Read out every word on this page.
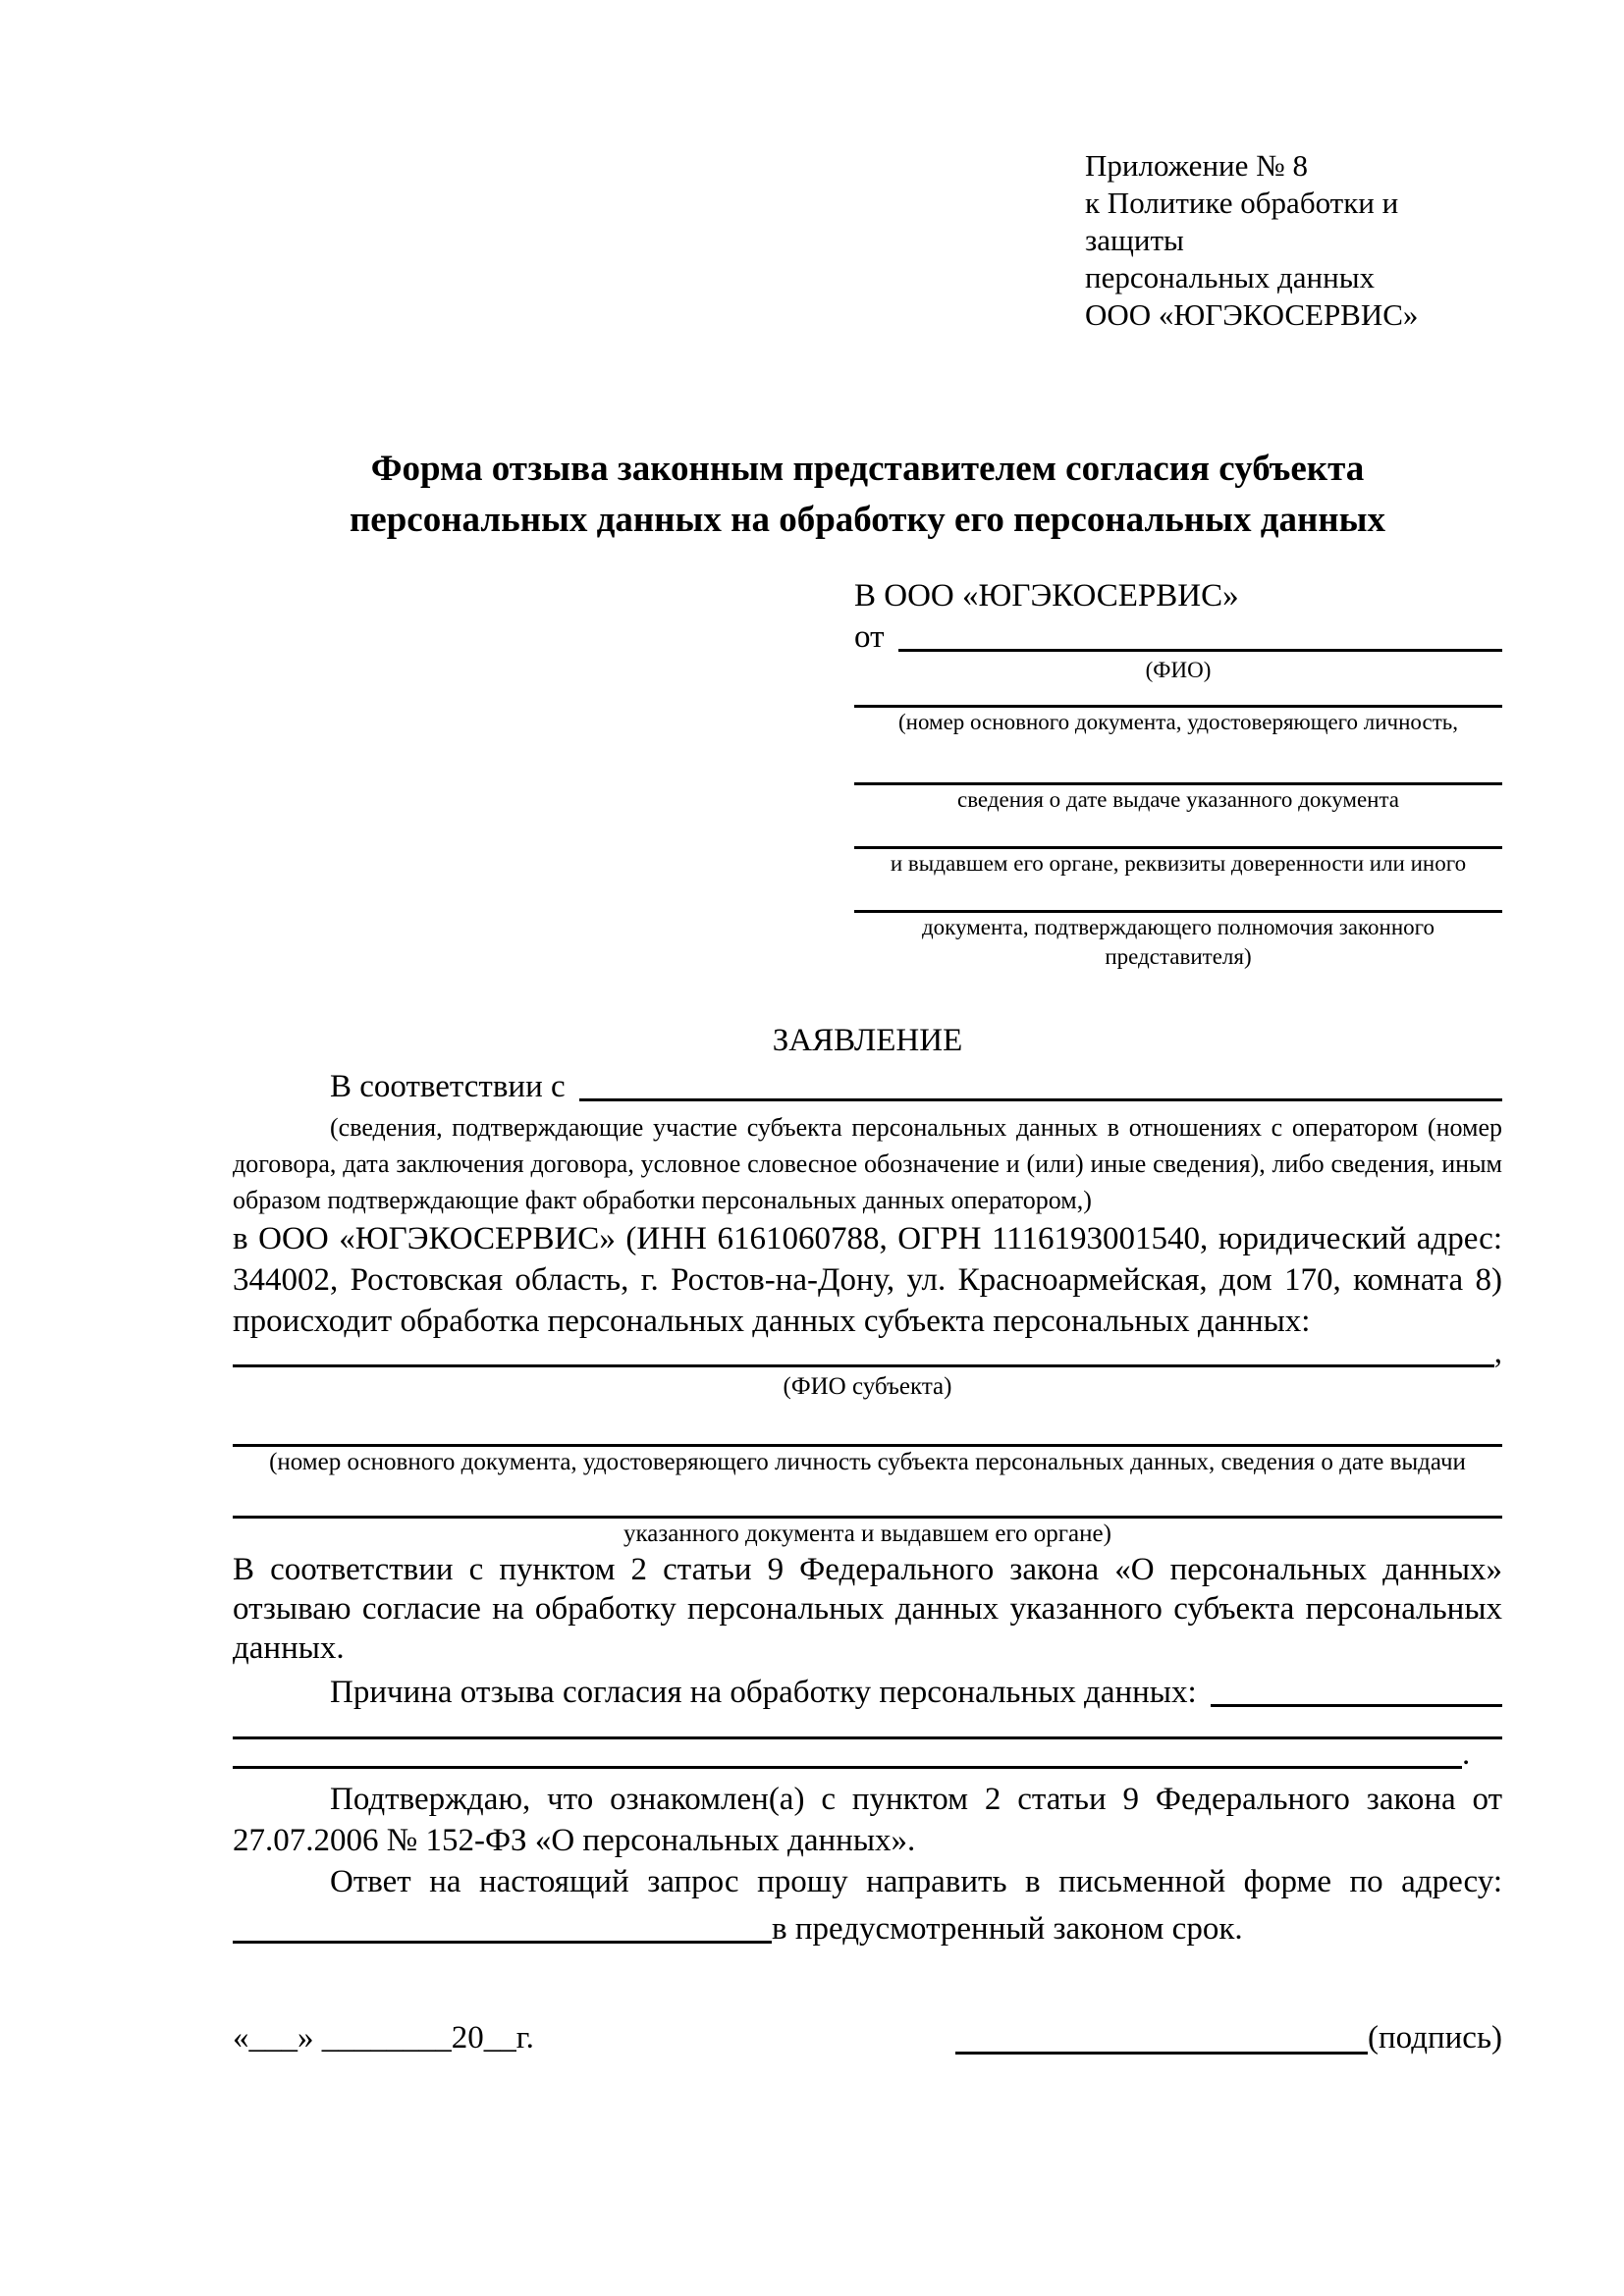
Приложение № 8
к Политике обработки и защиты
персональных данных
ООО «ЮГЭКОСЕРВИС»
Форма отзыва законным представителем согласия субъекта
персональных данных на обработку его персональных данных
В ООО «ЮГЭКОСЕРВИС»
от
(ФИО)
(номер основного документа, удостоверяющего личность,
сведения о дате выдаче указанного документа
и выдавшем его органе, реквизиты доверенности или иного
документа, подтверждающего полномочия законного представителя)
ЗАЯВЛЕНИЕ
В соответствии с

(сведения, подтверждающие участие субъекта персональных данных в отношениях с оператором (номер договора, дата заключения договора, условное словесное обозначение и (или) иные сведения), либо сведения, иным образом подтверждающие факт обработки персональных данных оператором,)

в ООО «ЮГЭКОСЕРВИС» (ИНН 6161060788, ОГРН 1116193001540, юридический адрес: 344002, Ростовская область, г. Ростов-на-Дону, ул. Красноармейская, дом 170, комната 8) происходит обработка персональных данных субъекта персональных данных:

,
(ФИО субъекта)
(номер основного документа, удостоверяющего личность субъекта персональных данных, сведения о дате выдачи
указанного документа и выдавшем его органе)

В соответствии с пунктом 2 статьи 9 Федерального закона «О персональных данных» отзываю согласие на обработку персональных данных указанного субъекта персональных данных.

Причина отзыва согласия на обработку персональных данных:
.

Подтверждаю, что ознакомлен(а) с пунктом 2 статьи 9 Федерального закона от 27.07.2006 № 152-ФЗ «О персональных данных».

Ответ на настоящий запрос прошу направить в письменной форме по адресу:
в предусмотренный законом срок.
«___» ________20__г.	(подпись)
